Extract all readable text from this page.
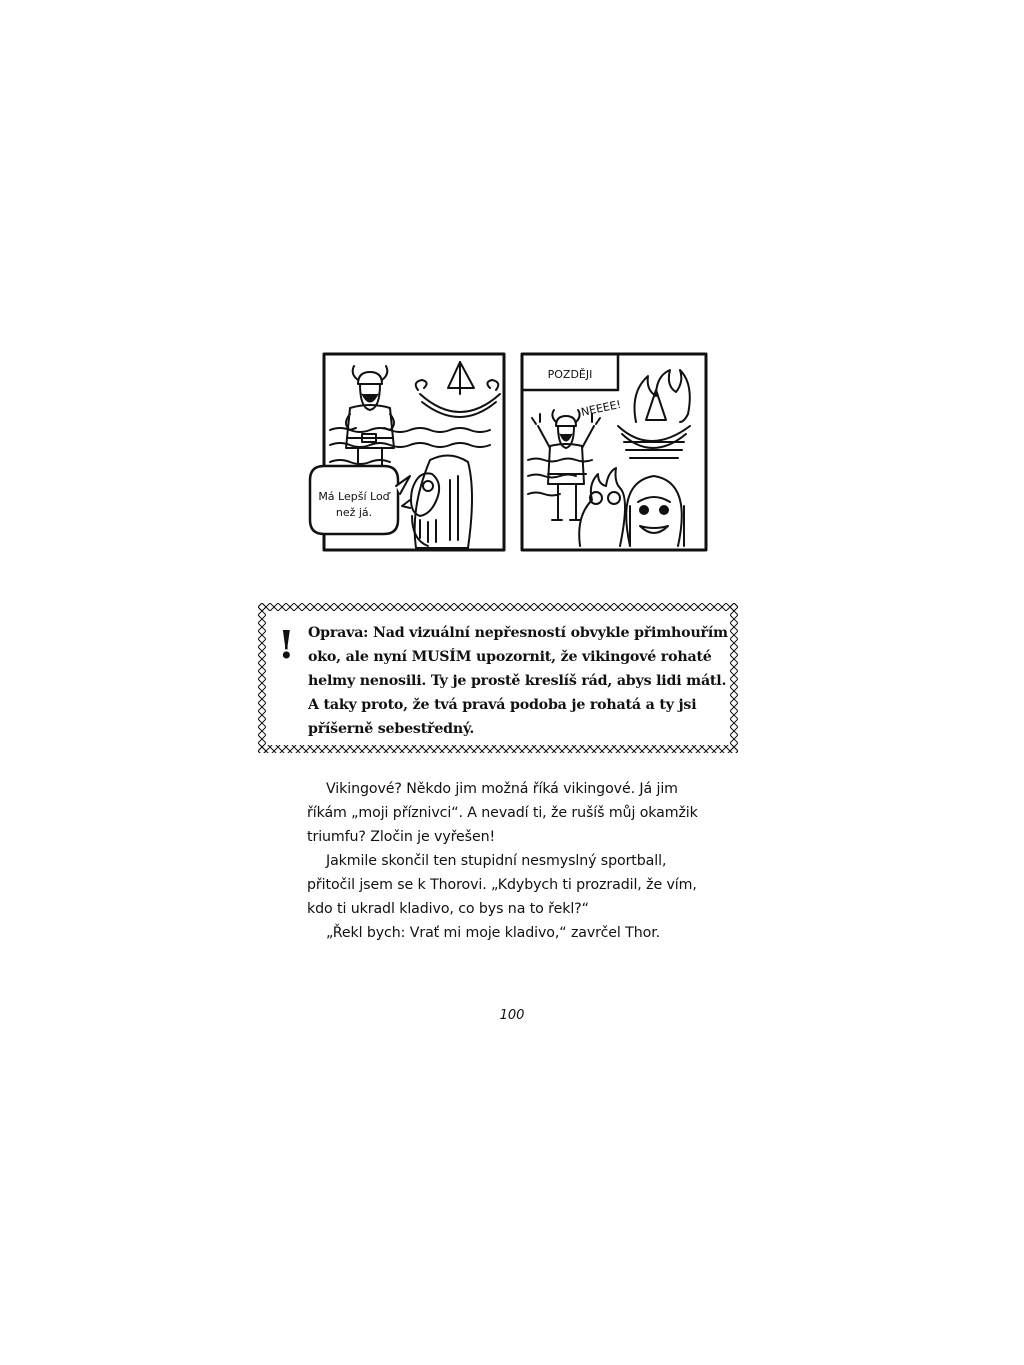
Má Lepší Loď
než já.
POZDĚJI
NEEEE!
! Oprava: Nad vizuální nepřesností obvykle přimhouřím
oko, ale nyní MUSÍM upozornit, že vikingové rohaté
helmy nenosili. Ty je prostě kreslíš rád, abys lidi mátl.
A taky proto, že tvá pravá podoba je rohatá a ty jsi
příšerně sebestředný.

Vikingové? Někdo jim možná říká vikingové. Já jim

říkám „moji příznivci“. A nevadí ti, že rušíš můj okamžik

triumfu? Zločin je vyřešen!

Jakmile skončil ten stupidní nesmyslný sportball,

přitočil jsem se k Thorovi. „Kdybych ti prozradil, že vím,

kdo ti ukradl kladivo, co bys na to řekl?“

„Řekl bych: Vrať mi moje kladivo,“ zavrčel Thor.

100
